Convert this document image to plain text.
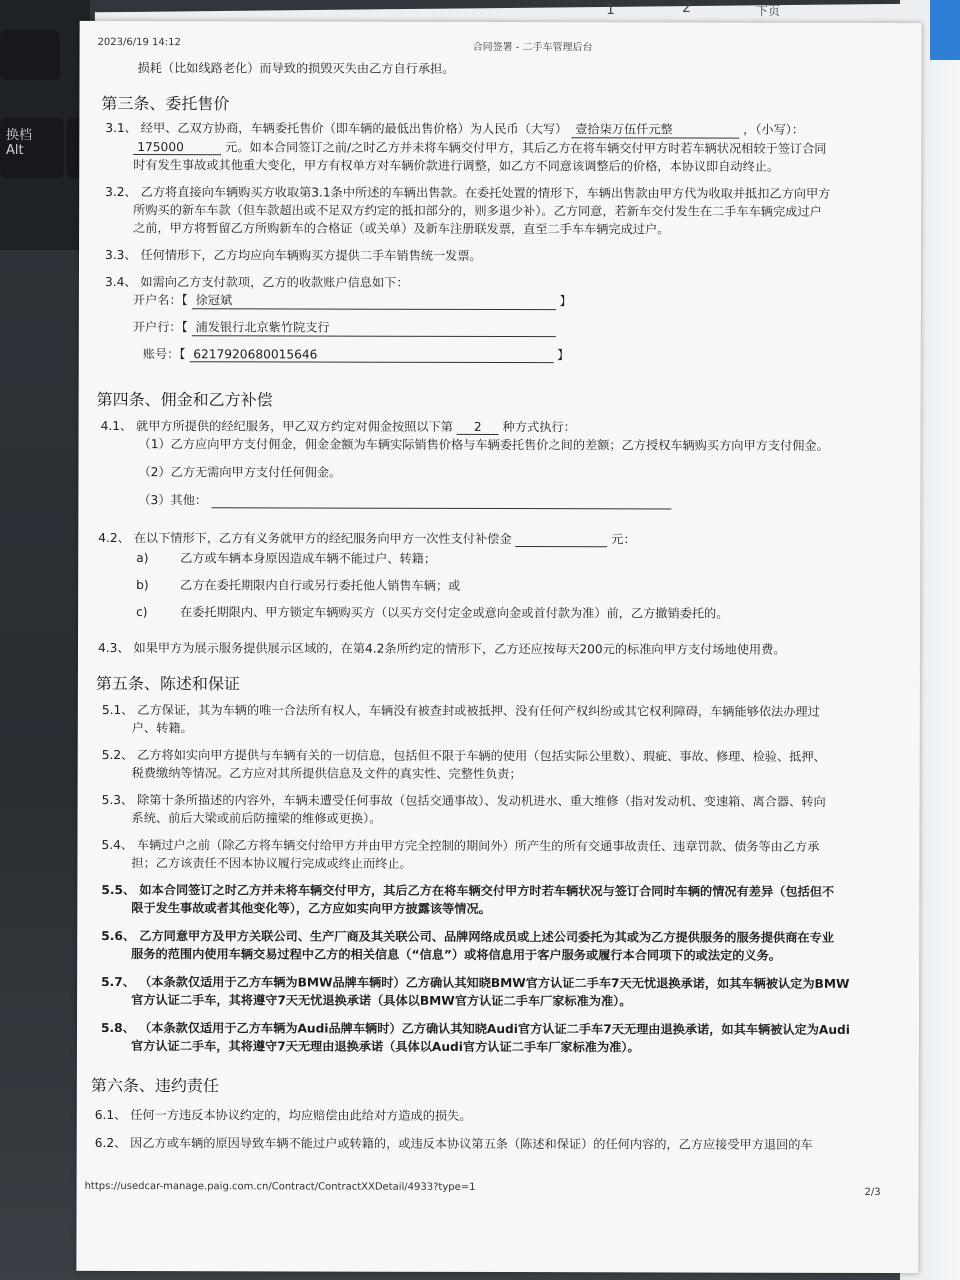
换档
Alt
1	2	下页
2023/6/19 14:12	合同签署 - 二手车管理后台
损耗（比如线路老化）而导致的损毁灭失由乙方自行承担。
第三条、委托售价
3.1、 经甲、乙双方协商，车辆委托售价（即车辆的最低出售价格）为人民币（大写） 壹拾柒万伍仟元整	，（小写）：
175000	元。如本合同签订之前/之时乙方并未将车辆交付甲方，其后乙方在将车辆交付甲方时若车辆状况相较于签订合同
时有发生事故或其他重大变化，甲方有权单方对车辆价款进行调整，如乙方不同意该调整后的价格，本协议即自动终止。
3.2、 乙方将直接向车辆购买方收取第3.1条中所述的车辆出售款。在委托处置的情形下，车辆出售款由甲方代为收取并抵扣乙方向甲方
所购买的新车车款（但车款超出或不足双方约定的抵扣部分的，则多退少补）。乙方同意，若新车交付发生在二手车车辆完成过户
之前，甲方将暂留乙方所购新车的合格证（或关单）及新车注册联发票，直至二手车车辆完成过户。
3.3、 任何情形下，乙方均应向车辆购买方提供二手车销售统一发票。
3.4、 如需向乙方支付款项，乙方的收款账户信息如下：
开户名：【 徐冠斌	】
开户行：【 浦发银行北京紫竹院支行
账号：【 6217920680015646	】
第四条、佣金和乙方补偿
4.1、 就甲方所提供的经纪服务，甲乙双方约定对佣金按照以下第 2 种方式执行：
（1）乙方应向甲方支付佣金，佣金金额为车辆实际销售价格与车辆委托售价之间的差额；乙方授权车辆购买方向甲方支付佣金。
（2）乙方无需向甲方支付任何佣金。
（3）其他：
4.2、 在以下情形下，乙方有义务就甲方的经纪服务向甲方一次性支付补偿金	元：
a)	乙方或车辆本身原因造成车辆不能过户、转籍；
b)	乙方在委托期限内自行或另行委托他人销售车辆；或
c)	在委托期限内、甲方锁定车辆购买方（以买方交付定金或意向金或首付款为准）前，乙方撤销委托的。
4.3、 如果甲方为展示服务提供展示区域的，在第4.2条所约定的情形下，乙方还应按每天200元的标准向甲方支付场地使用费。
第五条、陈述和保证
5.1、 乙方保证，其为车辆的唯一合法所有权人，车辆没有被查封或被抵押、没有任何产权纠纷或其它权利障碍，车辆能够依法办理过
户、转籍。
5.2、 乙方将如实向甲方提供与车辆有关的一切信息，包括但不限于车辆的使用（包括实际公里数）、瑕疵、事故、修理、检验、抵押、
税费缴纳等情况。乙方应对其所提供信息及文件的真实性、完整性负责；
5.3、 除第十条所描述的内容外，车辆未遭受任何事故（包括交通事故）、发动机进水、重大维修（指对发动机、变速箱、离合器、转向
系统、前后大梁或前后防撞梁的维修或更换）。
5.4、 车辆过户之前（除乙方将车辆交付给甲方并由甲方完全控制的期间外）所产生的所有交通事故责任、违章罚款、债务等由乙方承
担；乙方该责任不因本协议履行完成或终止而终止。
5.5、 如本合同签订之时乙方并未将车辆交付甲方，其后乙方在将车辆交付甲方时若车辆状况与签订合同时车辆的情况有差异（包括但不
限于发生事故或者其他变化等），乙方应如实向甲方披露该等情况。
5.6、 乙方同意甲方及甲方关联公司、生产厂商及其关联公司、品牌网络成员或上述公司委托为其或为乙方提供服务的服务提供商在专业
服务的范围内使用车辆交易过程中乙方的相关信息（“信息”）或将信息用于客户服务或履行本合同项下的或法定的义务。
5.7、 （本条款仅适用于乙方车辆为BMW品牌车辆时）乙方确认其知晓BMW官方认证二手车7天无忧退换承诺，如其车辆被认定为BMW
官方认证二手车，其将遵守7天无忧退换承诺（具体以BMW官方认证二手车厂家标准为准）。
5.8、 （本条款仅适用于乙方车辆为Audi品牌车辆时）乙方确认其知晓Audi官方认证二手车7天无理由退换承诺，如其车辆被认定为Audi
官方认证二手车，其将遵守7天无理由退换承诺（具体以Audi官方认证二手车厂家标准为准）。
第六条、违约责任
6.1、 任何一方违反本协议约定的，均应赔偿由此给对方造成的损失。
6.2、 因乙方或车辆的原因导致车辆不能过户或转籍的，或违反本协议第五条（陈述和保证）的任何内容的，乙方应接受甲方退回的车
https://usedcar-manage.paig.com.cn/Contract/ContractXXDetail/4933?type=1	2/3
